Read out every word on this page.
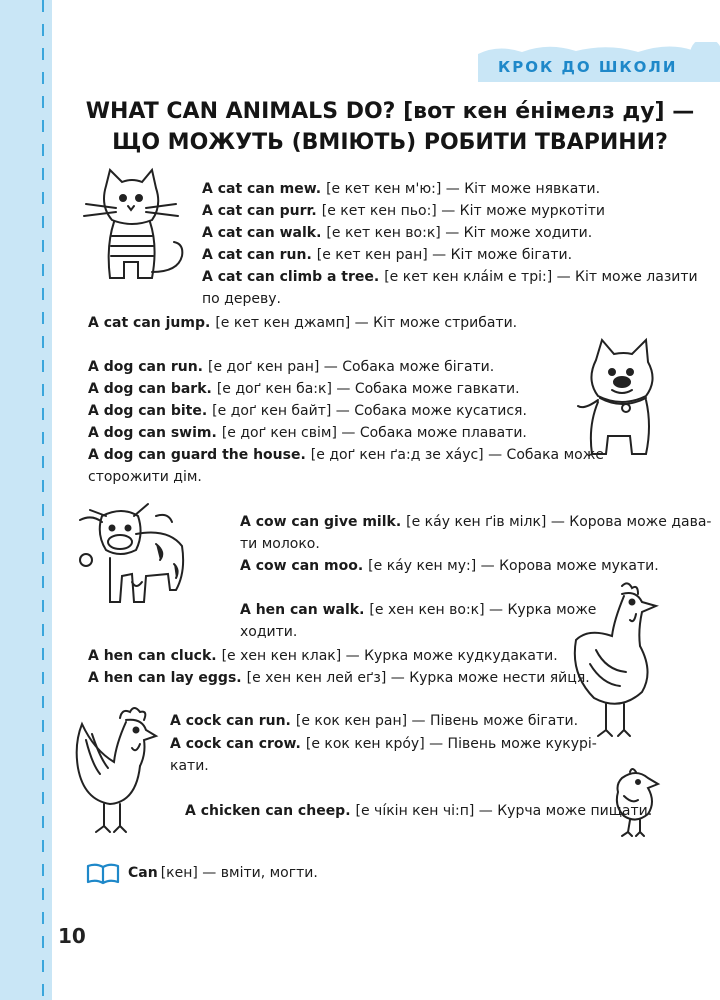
КРОК ДО ШКОЛИ
WHAT CAN ANIMALS DO? [вот кен е́німелз ду] —
ЩО МОЖУТЬ (ВМІЮТЬ) РОБИТИ ТВАРИНИ?
A cat can mew. [е кет кен м'ю:] — Кіт може нявкати.
A cat can purr. [е кет кен пьо:] — Кіт може муркотіти
A cat can walk. [е кет кен во:к] — Кіт може ходити.
A cat can run. [е кет кен ран] — Кіт може бігати.
A cat can climb a tree. [е кет кен кла́ім е трі:] — Кіт може лазити
по дереву.
A cat can jump. [е кет кен джамп] — Кіт може стрибати.
A dog can run. [е доґ кен ран] — Собака може бігати.
A dog can bark. [е доґ кен ба:к] — Собака може гавкати.
A dog can bite. [е доґ кен байт] — Собака може кусатися.
A dog can swim. [е доґ кен свім] — Собака може плавати.
A dog can guard the house. [е доґ кен ґа:д зе ха́ус] — Собака може
сторожити дім.
A cow can give milk. [е ка́у кен ґів мілк] — Корова може дава-
ти молоко.
A cow can moo. [е ка́у кен му:] — Корова може мукати.
A hen can walk. [е хен кен во:к] — Курка може
ходити.
A hen can cluck. [е хен кен клак] — Курка може кудкудакати.
A hen can lay eggs. [е хен кен лей еґз] — Курка може нести яйця.
A cock can run. [е кок кен ран] — Півень може бігати.
A cock can crow. [е кок кен кро́у] — Півень може кукурі-
кати.
A chicken can cheep. [е чі́кін кен чі:п] — Курча може пищати.
Can [кен] — вміти, могти.
10
